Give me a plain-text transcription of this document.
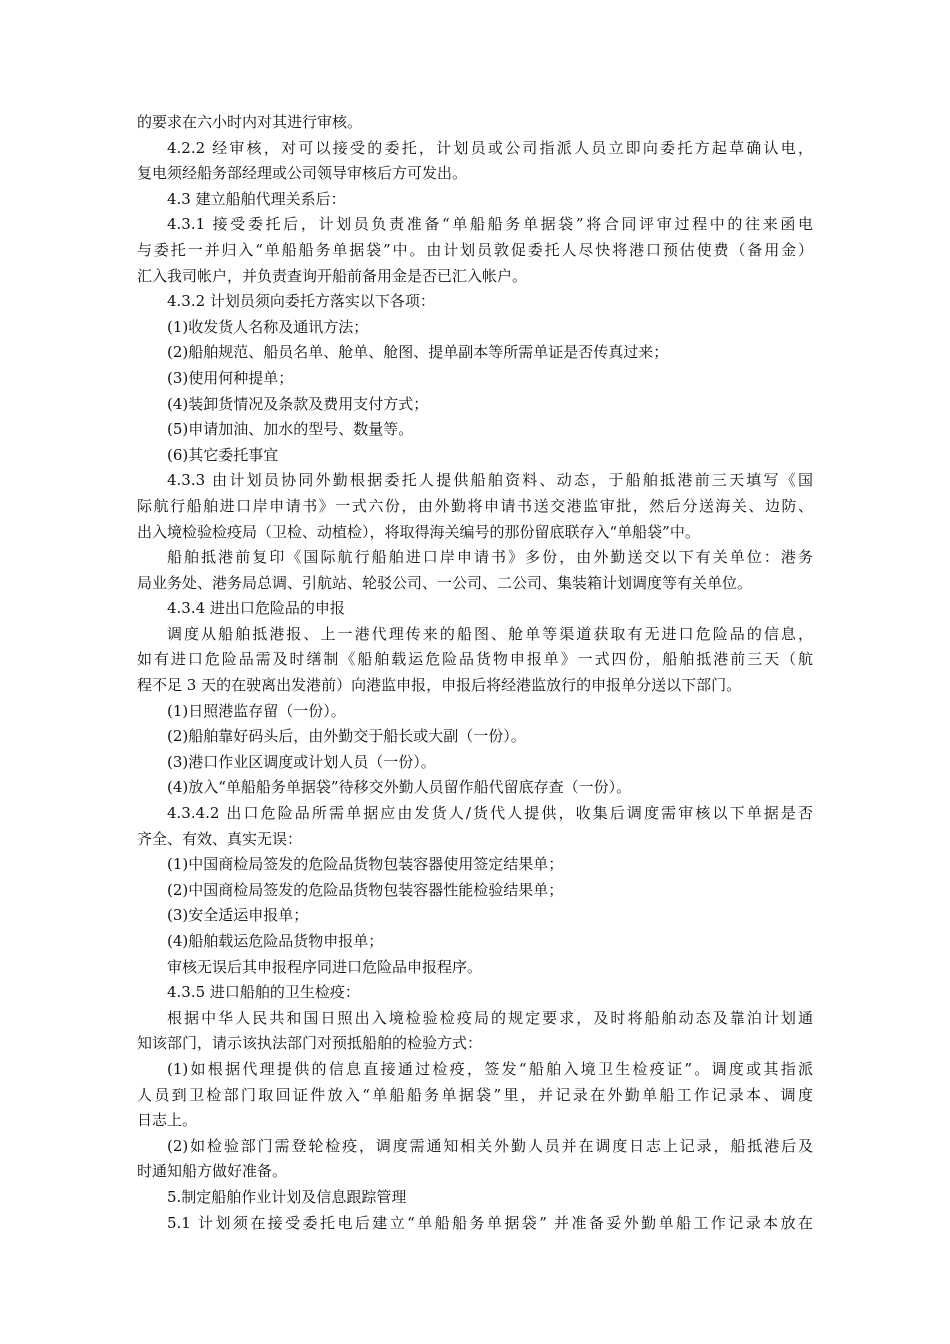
的要求在六小时内对其进行审核。
4.2.2 经审核，对可以接受的委托，计划员或公司指派人员立即向委托方起草确认电，
复电须经船务部经理或公司领导审核后方可发出。
4.3 建立船舶代理关系后：
4.3.1 接受委托后，计划员负责准备“单船船务单据袋”将合同评审过程中的往来函电
与委托一并归入“单船船务单据袋”中。由计划员敦促委托人尽快将港口预估使费（备用金）
汇入我司帐户，并负责查询开船前备用金是否已汇入帐户。
4.3.2 计划员须向委托方落实以下各项：
(1)收发货人名称及通讯方法；
(2)船舶规范、船员名单、舱单、舱图、提单副本等所需单证是否传真过来；
(3)使用何种提单；
(4)装卸货情况及条款及费用支付方式；
(5)申请加油、加水的型号、数量等。
(6)其它委托事宜
4.3.3 由计划员协同外勤根据委托人提供船舶资料、动态，于船舶抵港前三天填写《国
际航行船舶进口岸申请书》一式六份，由外勤将申请书送交港监审批，然后分送海关、边防、
出入境检验检疫局（卫检、动植检），将取得海关编号的那份留底联存入“单船袋”中。
船舶抵港前复印《国际航行船舶进口岸申请书》多份，由外勤送交以下有关单位：港务
局业务处、港务局总调、引航站、轮驳公司、一公司、二公司、集装箱计划调度等有关单位。
4.3.4 进出口危险品的申报
调度从船舶抵港报、上一港代理传来的船图、舱单等渠道获取有无进口危险品的信息，
如有进口危险品需及时缮制《船舶载运危险品货物申报单》一式四份，船舶抵港前三天（航
程不足 3 天的在驶离出发港前）向港监申报，申报后将经港监放行的申报单分送以下部门。
(1)日照港监存留（一份）。
(2)船舶靠好码头后，由外勤交于船长或大副（一份）。
(3)港口作业区调度或计划人员（一份）。
(4)放入“单船船务单据袋”待移交外勤人员留作船代留底存查（一份）。
4.3.4.2 出口危险品所需单据应由发货人/货代人提供，收集后调度需审核以下单据是否
齐全、有效、真实无误：
(1)中国商检局签发的危险品货物包装容器使用签定结果单；
(2)中国商检局签发的危险品货物包装容器性能检验结果单；
(3)安全适运申报单；
(4)船舶载运危险品货物申报单；
审核无误后其申报程序同进口危险品申报程序。
4.3.5 进口船舶的卫生检疫：
根据中华人民共和国日照出入境检验检疫局的规定要求，及时将船舶动态及靠泊计划通
知该部门，请示该执法部门对预抵船舶的检验方式：
(1)如根据代理提供的信息直接通过检疫，签发“船舶入境卫生检疫证”。调度或其指派
人员到卫检部门取回证件放入“单船船务单据袋”里，并记录在外勤单船工作记录本、调度
日志上。
(2)如检验部门需登轮检疫，调度需通知相关外勤人员并在调度日志上记录，船抵港后及
时通知船方做好准备。
5.制定船舶作业计划及信息跟踪管理
5.1 计划须在接受委托电后建立“单船船务单据袋” 并准备妥外勤单船工作记录本放在
